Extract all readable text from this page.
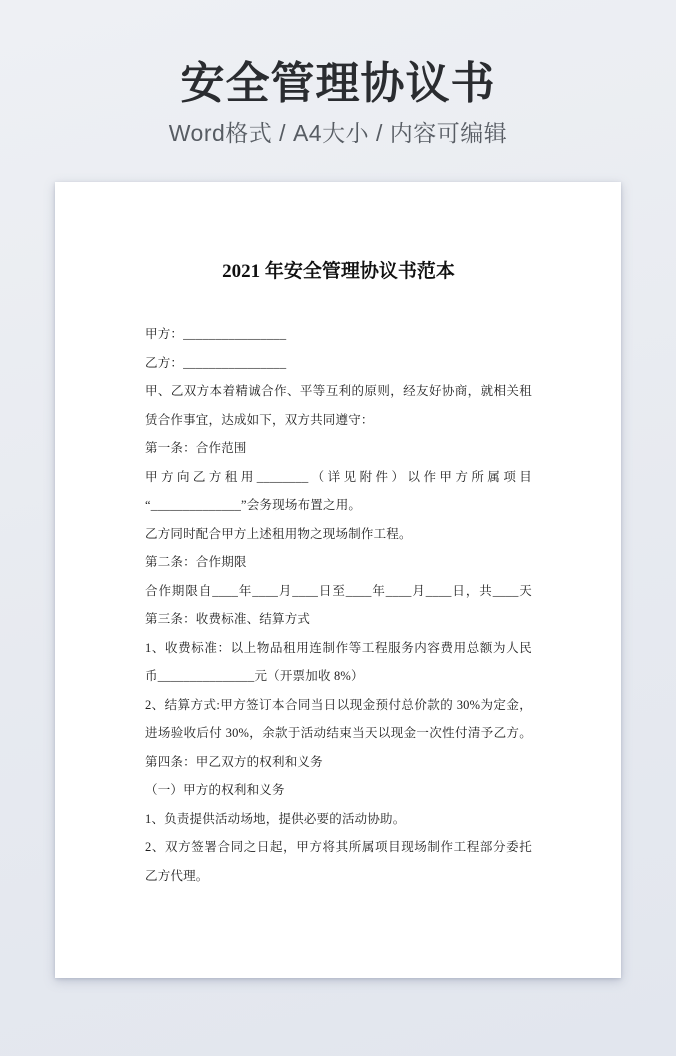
安全管理协议书
Word格式 / A4大小 / 内容可编辑
2021 年安全管理协议书范本
甲方：________________
乙方：________________
甲、乙双方本着精诚合作、平等互利的原则，经友好协商，就相关租
赁合作事宜，达成如下，双方共同遵守：
第一条：合作范围
甲方向乙方租用________（详见附件）以作甲方所属项目
“______________”会务现场布置之用。
乙方同时配合甲方上述租用物之现场制作工程。
第二条：合作期限
合作期限自____年____月____日至____年____月____日，共____天
第三条：收费标准、结算方式
1、收费标准：以上物品租用连制作等工程服务内容费用总额为人民
币_______________元（开票加收 8%）
2、结算方式:甲方签订本合同当日以现金预付总价款的 30%为定金，
进场验收后付 30%，余款于活动结束当天以现金一次性付清予乙方。
第四条：甲乙双方的权利和义务
（一）甲方的权利和义务
1、负责提供活动场地，提供必要的活动协助。
2、双方签署合同之日起，甲方将其所属项目现场制作工程部分委托
乙方代理。
